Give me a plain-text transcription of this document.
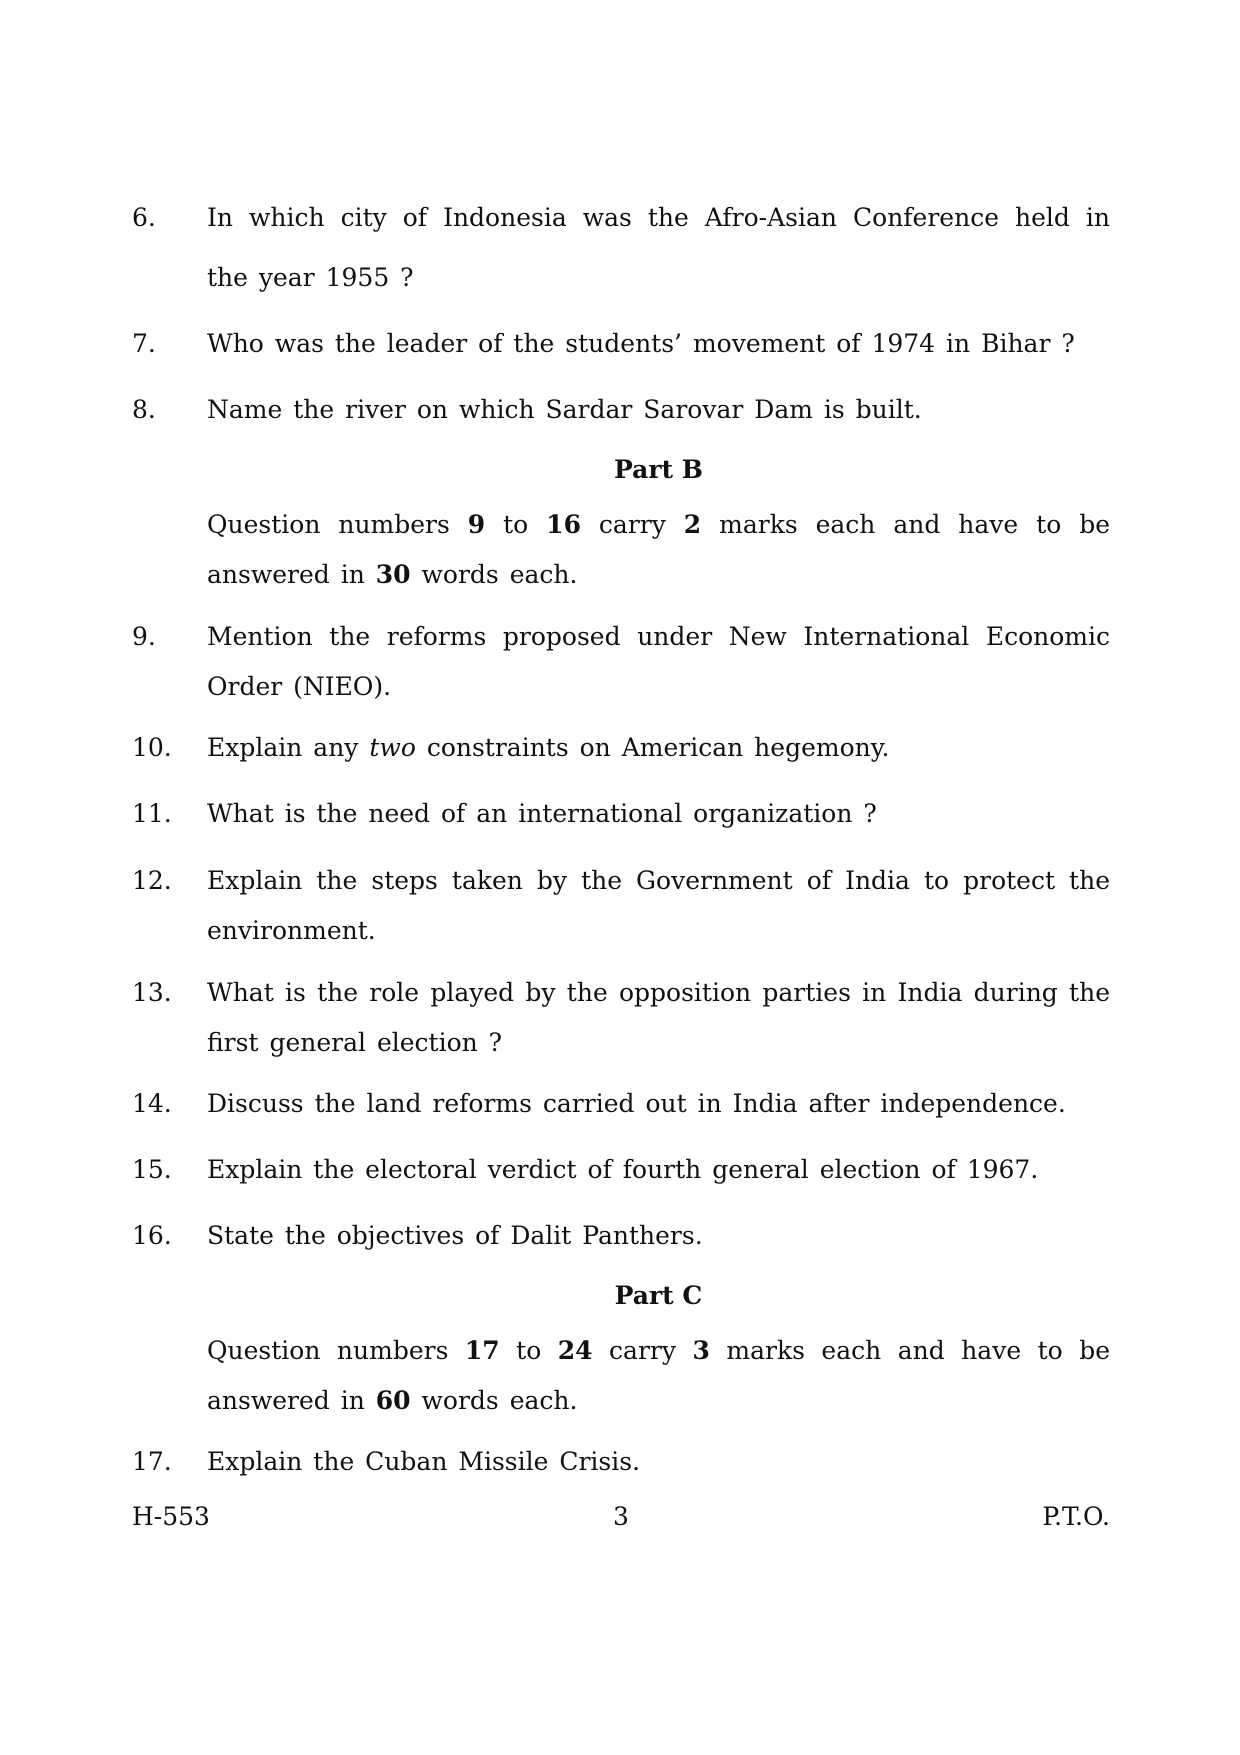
6.	In which city of Indonesia was the Afro-Asian Conference held in the year 1955 ?
7.	Who was the leader of the students’ movement of 1974 in Bihar ?
8.	Name the river on which Sardar Sarovar Dam is built.
Part B
Question numbers 9 to 16 carry 2 marks each and have to be answered in 30 words each.
9.	Mention the reforms proposed under New International Economic Order (NIEO).
10.	Explain any two constraints on American hegemony.
11.	What is the need of an international organization ?
12.	Explain the steps taken by the Government of India to protect the environment.
13.	What is the role played by the opposition parties in India during the first general election ?
14.	Discuss the land reforms carried out in India after independence.
15.	Explain the electoral verdict of fourth general election of 1967.
16.	State the objectives of Dalit Panthers.
Part C
Question numbers 17 to 24 carry 3 marks each and have to be answered in 60 words each.
17.	Explain the Cuban Missile Crisis.
H-553	3	P.T.O.
